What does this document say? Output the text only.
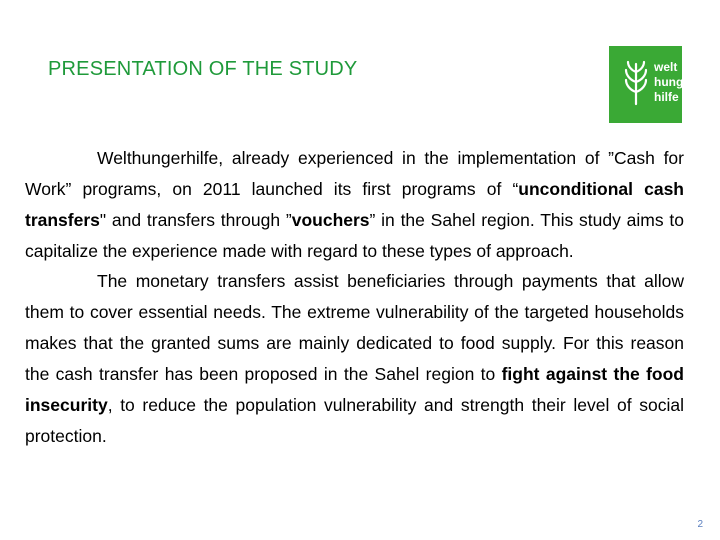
PRESENTATION OF THE STUDY	welt
hunger
hilfe

Welthungerhilfe, already experienced in the implementation of ”Cash for Work” programs, on 2011 launched its first programs of “unconditional cash transfers" and transfers through ”vouchers” in the Sahel region. This study aims to capitalize the experience made with regard to these types of approach.

The monetary transfers assist beneficiaries through payments that allow them to cover essential needs. The extreme vulnerability of the targeted households makes that the granted sums are mainly dedicated to food supply. For this reason the cash transfer has been proposed in the Sahel region to fight against the food insecurity, to reduce the population vulnerability and strength their level of social protection.

2
